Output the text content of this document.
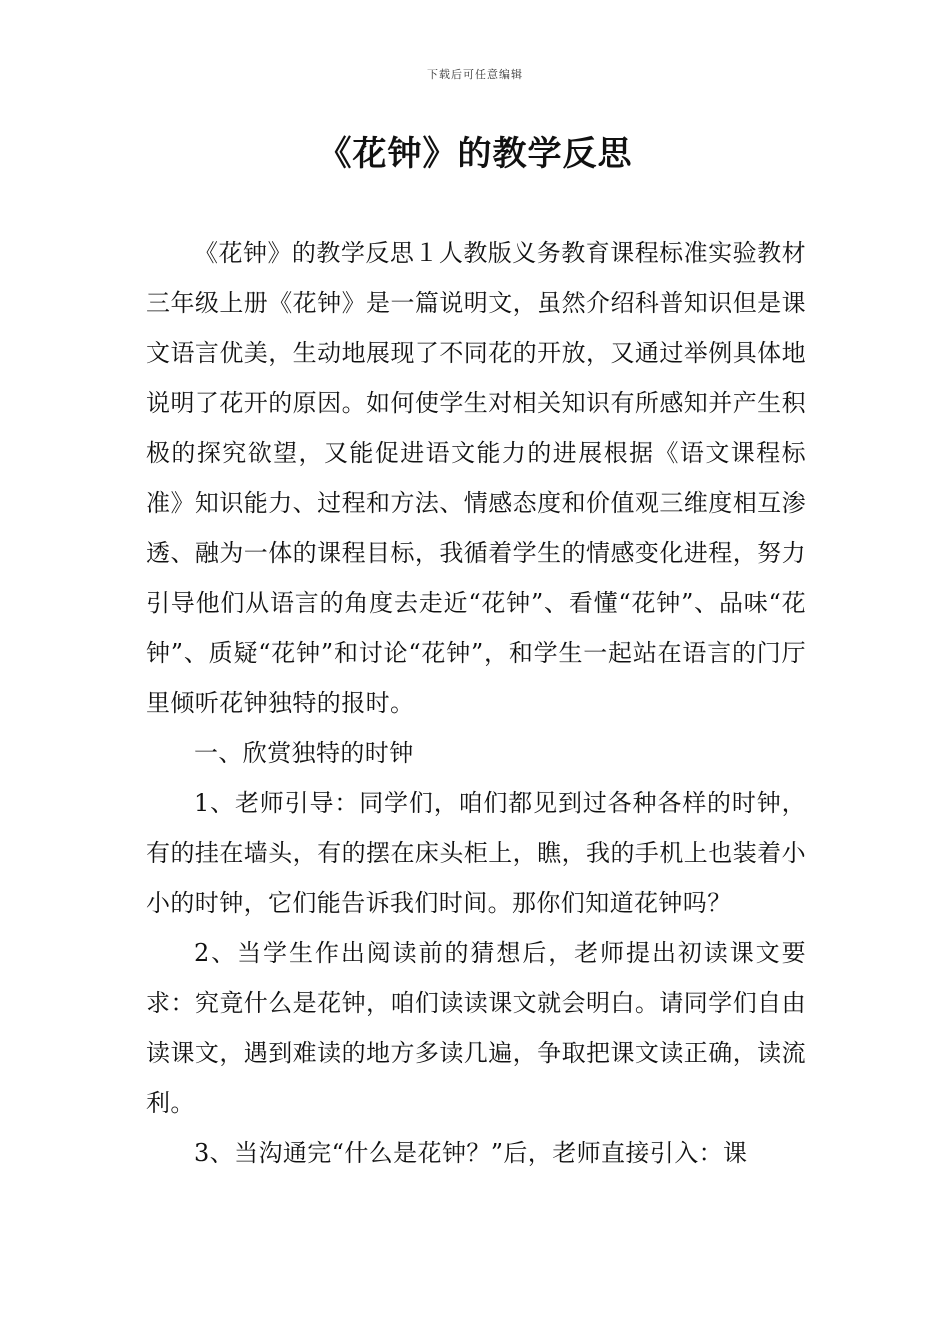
下载后可任意编辑
《花钟》的教学反思

《花钟》的教学反思１人教版义务教育课程标准实验教材三年级上册《花钟》是一篇说明文，虽然介绍科普知识但是课文语言优美，生动地展现了不同花的开放，又通过举例具体地说明了花开的原因。如何使学生对相关知识有所感知并产生积极的探究欲望，又能促进语文能力的进展根据《语文课程标准》知识能力、过程和方法、情感态度和价值观三维度相互渗透、融为一体的课程目标，我循着学生的情感变化进程，努力引导他们从语言的角度去走近“花钟”、看懂“花钟”、品味“花钟”、质疑“花钟”和讨论“花钟”，和学生一起站在语言的门厅里倾听花钟独特的报时。

一、欣赏独特的时钟

1、老师引导：同学们，咱们都见到过各种各样的时钟，有的挂在墙头，有的摆在床头柜上，瞧，我的手机上也装着小小的时钟，它们能告诉我们时间。那你们知道花钟吗？

2、当学生作出阅读前的猜想后，老师提出初读课文要求：究竟什么是花钟，咱们读读课文就会明白。请同学们自由读课文，遇到难读的地方多读几遍，争取把课文读正确，读流利。

3、当沟通完“什么是花钟？”后，老师直接引入：课
